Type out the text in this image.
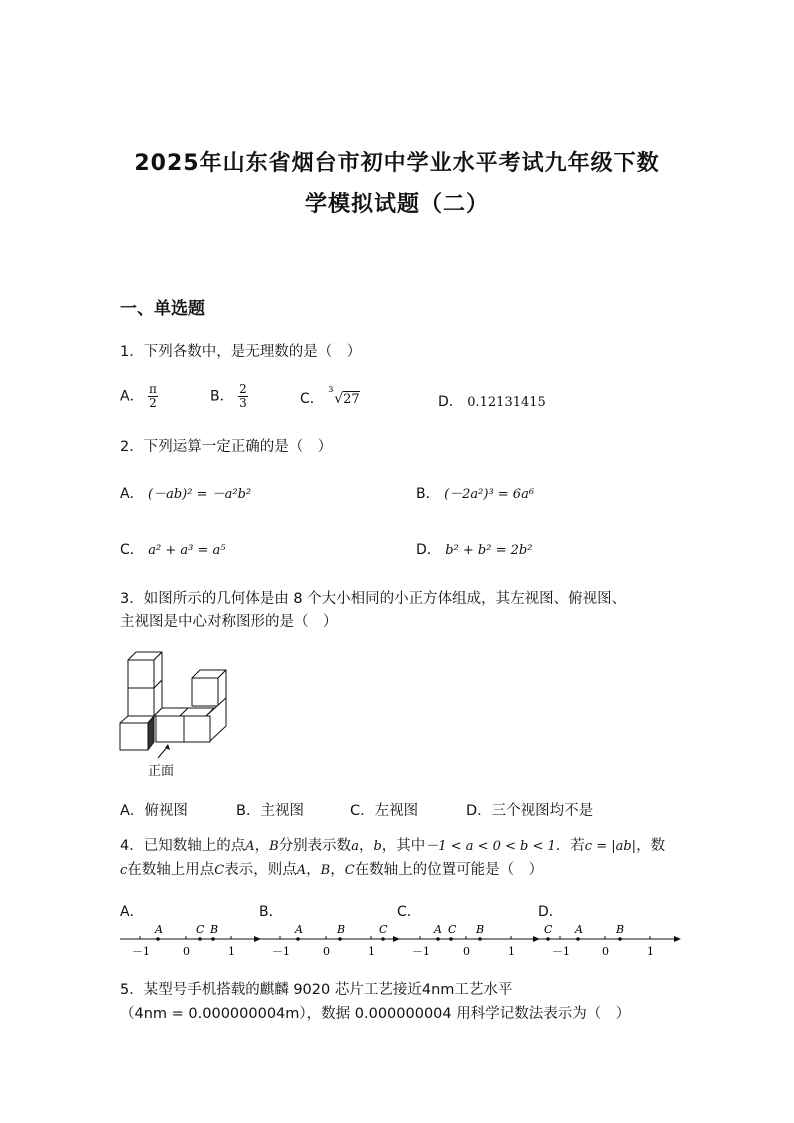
2025年山东省烟台市初中学业水平考试九年级下数
学模拟试题（二）
一、单选题
1．下列各数中，是无理数的是（　）
A． $\frac{\pi}{2}$	B． $\frac{2}{3}$	C．
3
√27	D． 0.12131415
2．下列运算一定正确的是（　）
A． (－ab)² = －a²b²	B． (－2a²)³ = 6a⁶
C． a² + a³ = a⁵	D． b² + b² = 2b²
3．如图所示的几何体是由 8 个大小相同的小正方体组成，其左视图、俯视图、
主视图是中心对称图形的是（　）
正面
A．俯视图	B．主视图	C．左视图	D．三个视图均不是
4．已知数轴上的点A，B分别表示数a，b，其中－1 < a < 0 < b < 1．若c = |ab|，数
c在数轴上用点C表示，则点A，B，C在数轴上的位置可能是（　）
A．	B．	C．	D．
A	C B	A	B	C	A C B	C A	B
－1	0	1	－1	0	1	－1	0	1	－1	0	1
5．某型号手机搭载的麒麟 9020 芯片工艺接近4nm工艺水平
（4nm = 0.000000004m），数据 0.000000004 用科学记数法表示为（　）
